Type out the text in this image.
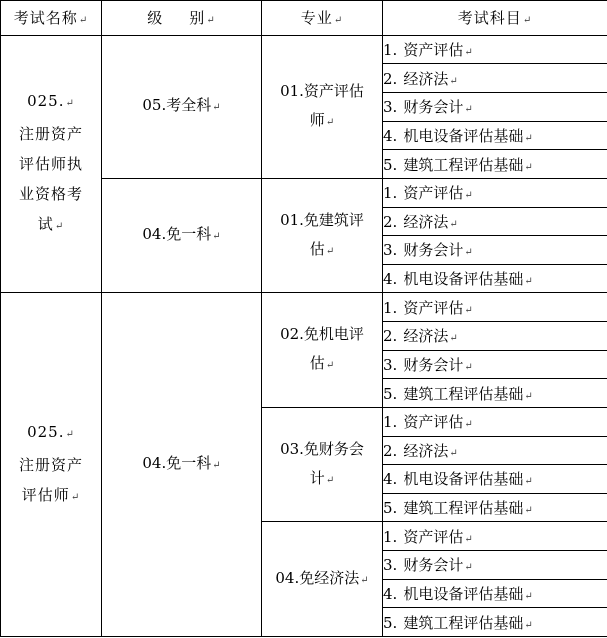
考试名称↵	级 别↵	专业↵	考试科目↵
025.↵
注册资产
评估师执
业资格考
试↵	05.考全科↵	01.资产评估
师↵	1. 资产评估↵
			2. 经济法↵
			3. 财务会计↵
			4. 机电设备评估基础↵
			5. 建筑工程评估基础↵
	04.免一科↵	01.免建筑评
估↵	1. 资产评估↵
			2. 经济法↵
			3. 财务会计↵
			4. 机电设备评估基础↵
025.↵
注册资产
评估师↵	04.免一科↵	02.免机电评
估↵	1. 资产评估↵
			2. 经济法↵
			3. 财务会计↵
			5. 建筑工程评估基础↵
		03.免财务会
计↵	1. 资产评估↵
			2. 经济法↵
			4. 机电设备评估基础↵
			5. 建筑工程评估基础↵
		04.免经济法↵	1. 资产评估↵
			3. 财务会计↵
			4. 机电设备评估基础↵
			5. 建筑工程评估基础↵
